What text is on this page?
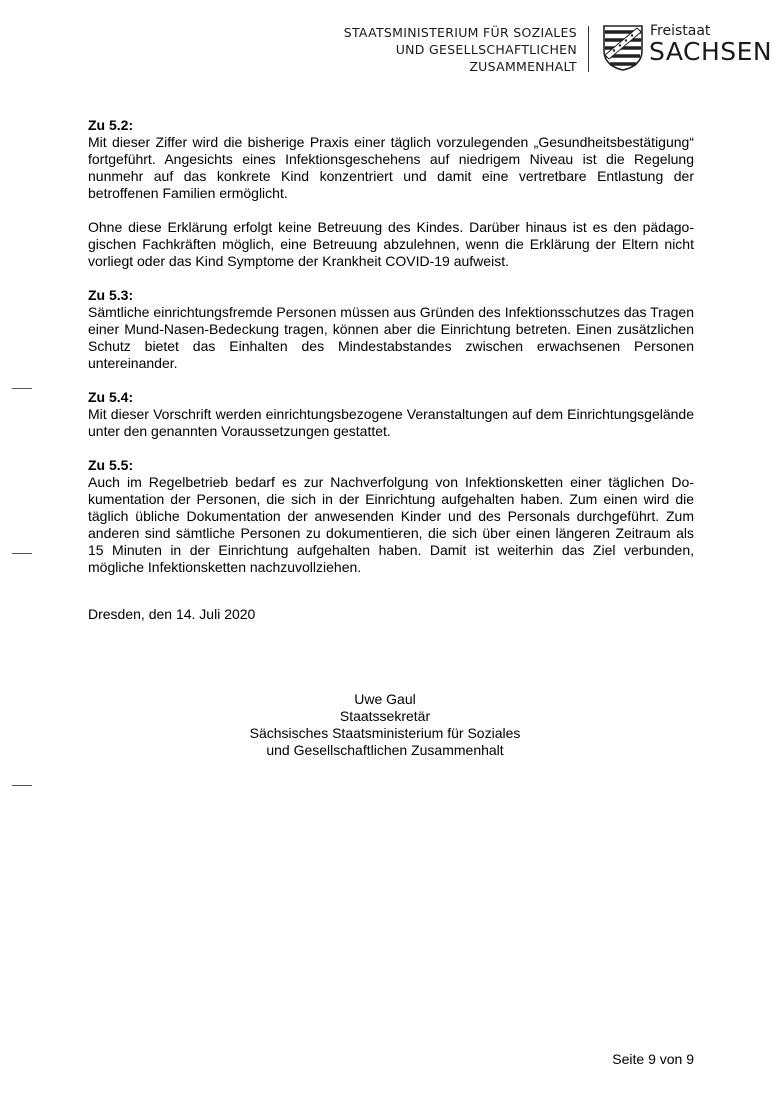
STAATSMINISTERIUM FÜR SOZIALES
UND GESELLSCHAFTLICHEN
ZUSAMMENHALT
Freistaat
SACHSEN
Zu 5.2:

Mit dieser Ziffer wird die bisherige Praxis einer täglich vorzulegenden „Gesundheitsbestätigung“ fortgeführt. Angesichts eines Infektionsgeschehens auf niedrigem Niveau ist die Regelung nunmehr auf das konkrete Kind konzentriert und damit eine vertretbare Entlastung der betroffenen Familien ermöglicht.

Ohne diese Erklärung erfolgt keine Betreuung des Kindes. Darüber hinaus ist es den pädagogischen Fachkräften möglich, eine Betreuung abzulehnen, wenn die Erklärung der Eltern nicht vorliegt oder das Kind Symptome der Krankheit COVID-19 aufweist.

Zu 5.3:

Sämtliche einrichtungsfremde Personen müssen aus Gründen des Infektionsschutzes das Tragen einer Mund-Nasen-Bedeckung tragen, können aber die Einrichtung betreten. Einen zusätzlichen Schutz bietet das Einhalten des Mindestabstandes zwischen erwachsenen Personen untereinander.

Zu 5.4:

Mit dieser Vorschrift werden einrichtungsbezogene Veranstaltungen auf dem Einrichtungsgelände unter den genannten Voraussetzungen gestattet.

Zu 5.5:

Auch im Regelbetrieb bedarf es zur Nachverfolgung von Infektionsketten einer täglichen Dokumentation der Personen, die sich in der Einrichtung aufgehalten haben. Zum einen wird die täglich übliche Dokumentation der anwesenden Kinder und des Personals durchgeführt. Zum anderen sind sämtliche Personen zu dokumentieren, die sich über einen längeren Zeitraum als 15 Minuten in der Einrichtung aufgehalten haben. Damit ist weiterhin das Ziel verbunden, mögliche Infektionsketten nachzuvollziehen.

Dresden, den 14. Juli 2020
Uwe Gaul
Staatssekretär
Sächsisches Staatsministerium für Soziales
und Gesellschaftlichen Zusammenhalt
Seite 9 von 9
